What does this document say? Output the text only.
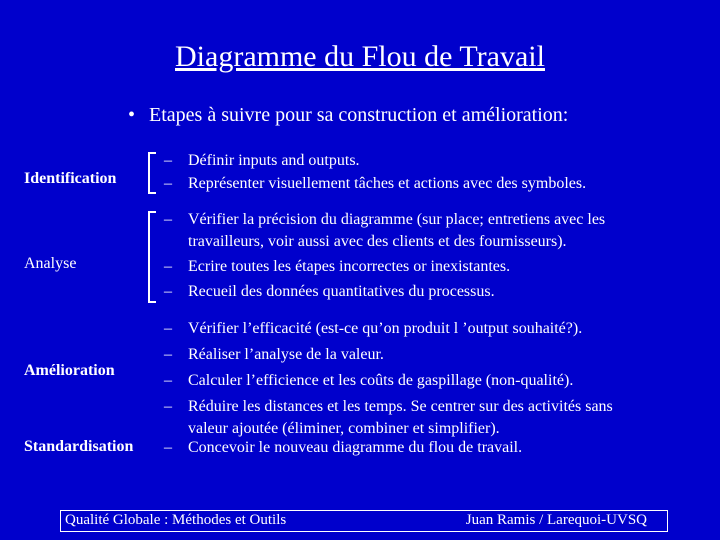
Diagramme du Flou de Travail
• Etapes à suivre pour sa construction et amélioration:
Identification
– Définir inputs and outputs.
– Représenter visuellement tâches et actions avec des symboles.
Analyse
– Vérifier la précision du diagramme (sur place; entretiens avec les
travailleurs, voir aussi avec des clients et des fournisseurs).
– Ecrire toutes les étapes incorrectes or inexistantes.
– Recueil des données quantitatives du processus.
Amélioration
– Vérifier l’efficacité (est-ce qu’on produit l ’output souhaité?).
– Réaliser l’analyse de la valeur.
– Calculer l’efficience et les coûts de gaspillage (non-qualité).
– Réduire les distances et les temps. Se centrer sur des activités sans
valeur ajoutée (éliminer, combiner et simplifier).
Standardisation – Concevoir le nouveau diagramme du flou de travail.
Qualité Globale : Méthodes et Outils	Juan Ramis / Larequoi-UVSQ
